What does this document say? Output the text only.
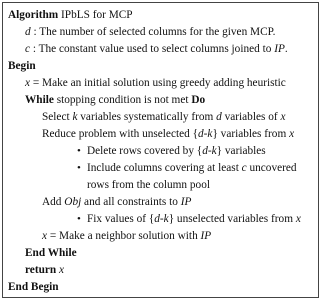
Algorithm IPbLS for MCP
d : The number of selected columns for the given MCP.
c : The constant value used to select columns joined to IP.
Begin
x = Make an initial solution using greedy adding heuristic
While stopping condition is not met Do
Select k variables systematically from d variables of x
Reduce problem with unselected {d-k} variables from x
• Delete rows covered by {d-k} variables
• Include columns covering at least c uncovered
rows from the column pool
Add Obj and all constraints to IP
• Fix values of {d-k} unselected variables from x
x = Make a neighbor solution with IP
End While
return x
End Begin
